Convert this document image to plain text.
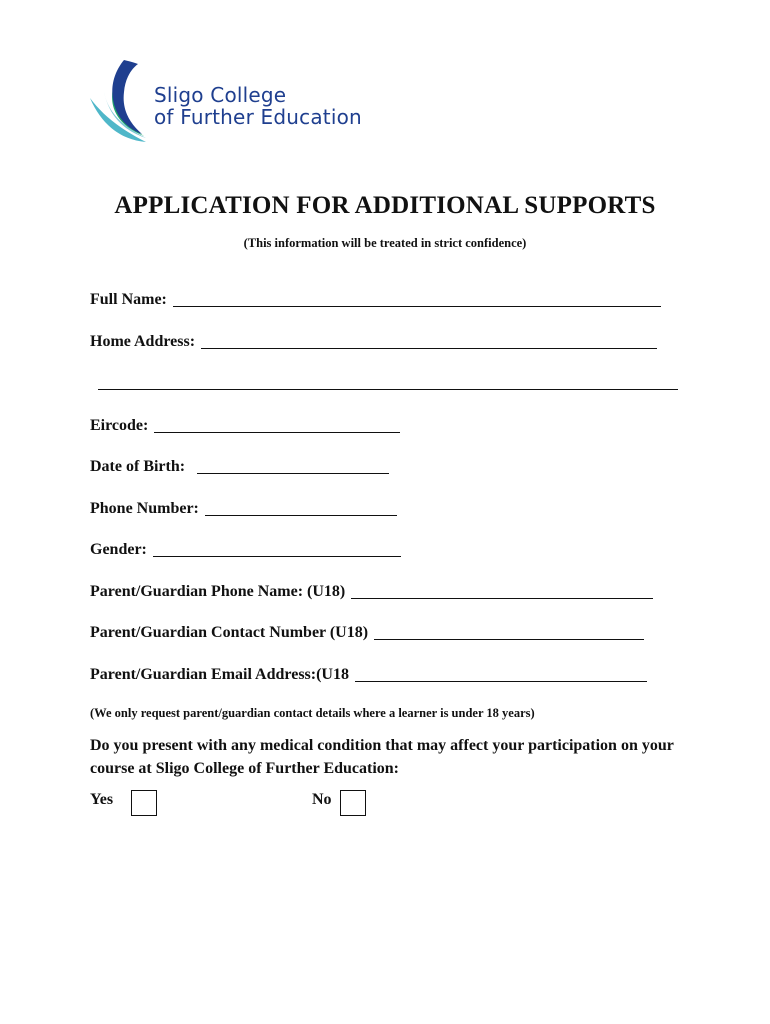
Sligo College
of Further Education
APPLICATION FOR ADDITIONAL SUPPORTS
(This information will be treated in strict confidence)
Full Name:
Home Address:
Eircode:
Date of Birth:
Phone Number:
Gender:
Parent/Guardian Phone Name: (U18)
Parent/Guardian Contact Number (U18)
Parent/Guardian Email Address:(U18
(We only request parent/guardian contact details where a learner is under 18 years)
Do you present with any medical condition that may affect your participation on your course at Sligo College of Further Education:
Yes	No
